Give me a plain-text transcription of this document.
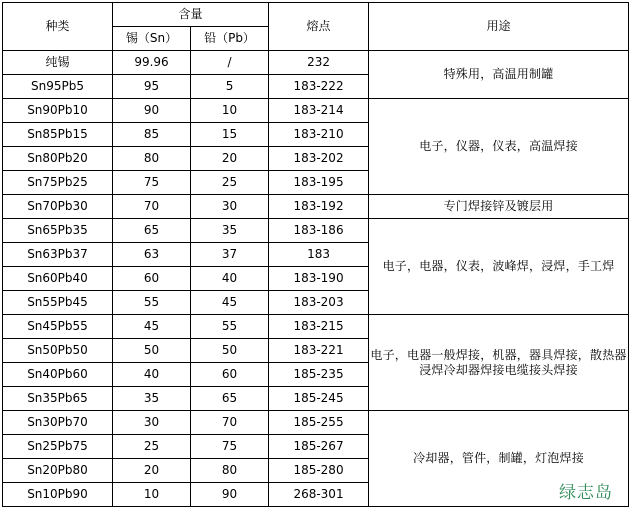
种类	含量		熔点	用途
	锡（Sn）	铅（Pb）		
纯锡	99.96	/	232	特殊用，高温用制罐
Sn95Pb5	95	5	183-222	
Sn90Pb10	90	10	183-214	电子，仪器，仪表，高温焊接
Sn85Pb15	85	15	183-210	
Sn80Pb20	80	20	183-202	
Sn75Pb25	75	25	183-195	
Sn70Pb30	70	30	183-192	专门焊接锌及镀层用
Sn65Pb35	65	35	183-186	电子，电器，仪表，波峰焊，浸焊，手工焊
Sn63Pb37	63	37	183	
Sn60Pb40	60	40	183-190	
Sn55Pb45	55	45	183-203	
Sn45Pb55	45	55	183-215	电子，电器一般焊接，机器，器具焊接，散热器浸焊冷却器焊接电缆接头焊接
Sn50Pb50	50	50	183-221	
Sn40Pb60	40	60	185-235	
Sn35Pb65	35	65	185-245	
Sn30Pb70	30	70	185-255	冷却器，管件，制罐，灯泡焊接
Sn25Pb75	25	75	185-267	
Sn20Pb80	20	80	185-280	
Sn10Pb90	10	90	268-301		绿志岛
